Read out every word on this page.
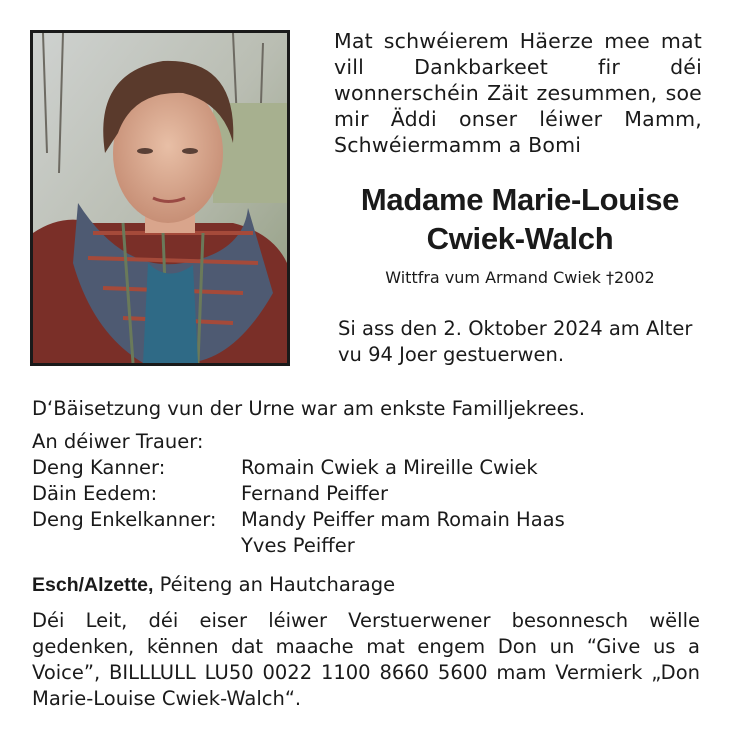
Mat schwéierem Häerze mee mat vill Dankbarkeet fir déi wonnerschéin Zäit zesummen, soe mir Äddi onser léiwer Mamm, Schwéiermamm a Bomi
Madame Marie-Louise
Cwiek-Walch
Wittfra vum Armand Cwiek †2002
Si ass den 2. Oktober 2024 am Alter
vu 94 Joer gestuerwen.
D‘Bäisetzung vun der Urne war am enkste Familljekrees.
An déiwer Trauer:
Deng Kanner:	Romain Cwiek a Mireille Cwiek
Däin Eedem:	Fernand Peiffer
Deng Enkelkanner:	Mandy Peiffer mam Romain Haas
Yves Peiffer
Esch/Alzette, Péiteng an Hautcharage
Déi Leit, déi eiser léiwer Verstuerwener besonnesch wëlle gedenken, kënnen dat maache mat engem Don un “Give us a Voice”, BILLLULL LU50 0022 1100 8660 5600 mam Vermierk „Don Marie-Louise Cwiek-Walch“.
